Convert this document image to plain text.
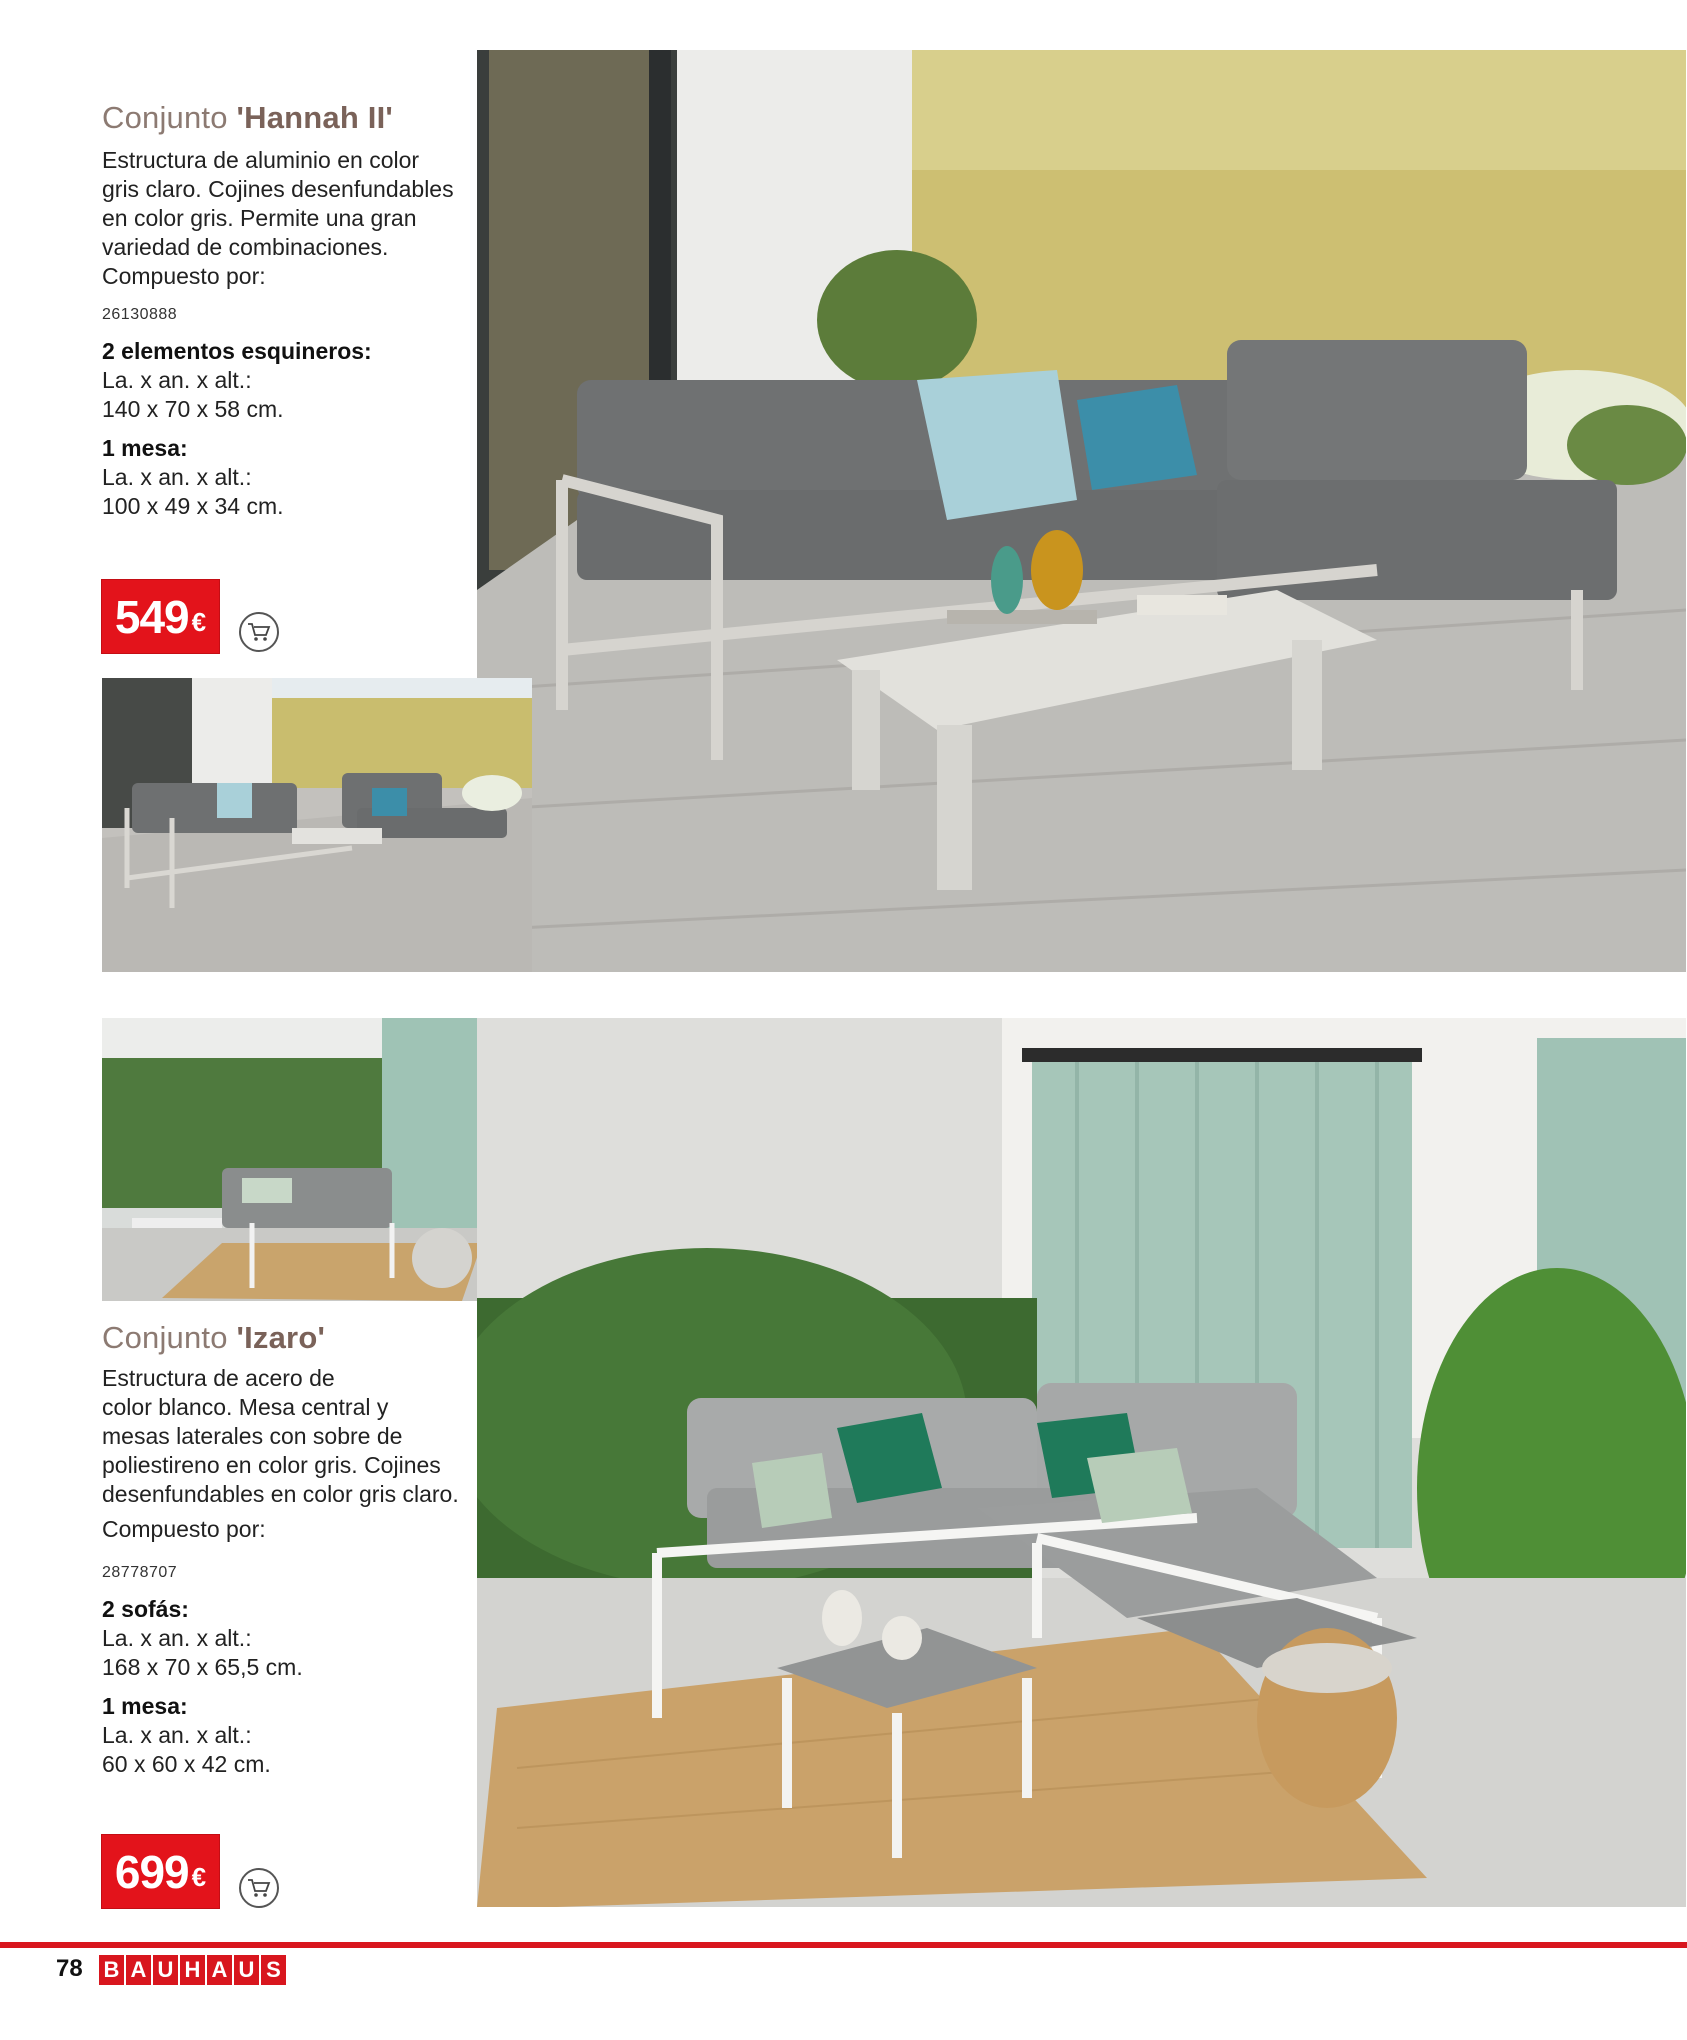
Conjunto 'Hannah II'
Estructura de aluminio en color
gris claro. Cojines desenfundables
en color gris. Permite una gran
variedad de combinaciones.
Compuesto por:
26130888
2 elementos esquineros:
La. x an. x alt.:
140 x 70 x 58 cm.
1 mesa:
La. x an. x alt.:
100 x 49 x 34 cm.
549 €
Conjunto 'Izaro'
Estructura de acero de
color blanco. Mesa central y
mesas laterales con sobre de
poliestireno en color gris. Cojines
desenfundables en color gris claro.
Compuesto por:
28778707
2 sofás:
La. x an. x alt.:
168 x 70 x 65,5 cm.
1 mesa:
La. x an. x alt.:
60 x 60 x 42 cm.
699 €
78 B A U H A U S
